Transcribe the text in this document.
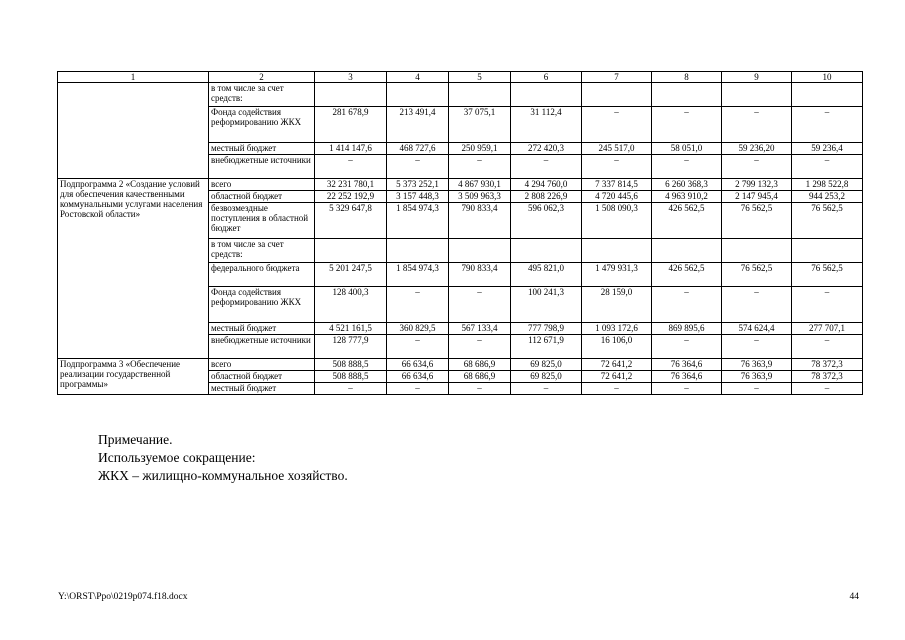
1	2	3	4	5	6	7	8	9	10
	в том числе за счет средств:								
	Фонда содействия реформированию ЖКХ	281 678,9	213 491,4	37 075,1	31 112,4	–	–	–	–
	местный бюджет	1 414 147,6	468 727,6	250 959,1	272 420,3	245 517,0	58 051,0	59 236,20	59 236,4
	внебюджетные источники	–	–	–	–	–	–	–	–
Подпрограмма 2 «Создание условий для обеспечения качественными коммунальными услугами населения Ростовской области»	всего	32 231 780,1	5 373 252,1	4 867 930,1	4 294 760,0	7 337 814,5	6 260 368,3	2 799 132,3	1 298 522,8
	областной бюджет	22 252 192,9	3 157 448,3	3 509 963,3	2 808 226,9	4 720 445,6	4 963 910,2	2 147 945,4	944 253,2
	безвозмездные поступления в областной бюджет	5 329 647,8	1 854 974,3	790 833,4	596 062,3	1 508 090,3	426 562,5	76 562,5	76 562,5
	в том числе за счет средств:								
	федерального бюджета	5 201 247,5	1 854 974,3	790 833,4	495 821,0	1 479 931,3	426 562,5	76 562,5	76 562,5
	Фонда содействия реформированию ЖКХ	128 400,3	–	–	100 241,3	28 159,0	–	–	–
	местный бюджет	4 521 161,5	360 829,5	567 133,4	777 798,9	1 093 172,6	869 895,6	574 624,4	277 707,1
	внебюджетные источники	128 777,9	–	–	112 671,9	16 106,0	–	–	–
Подпрограмма 3 «Обеспечение реализации государственной программы»	всего	508 888,5	66 634,6	68 686,9	69 825,0	72 641,2	76 364,6	76 363,9	78 372,3
	областной бюджет	508 888,5	66 634,6	68 686,9	69 825,0	72 641,2	76 364,6	76 363,9	78 372,3
	местный бюджет	–	–	–	–	–	–	–	–
Примечание.
Используемое сокращение:
ЖКХ – жилищно-коммунальное хозяйство.
Y:\ORST\Ppo\0219p074.f18.docx	44
